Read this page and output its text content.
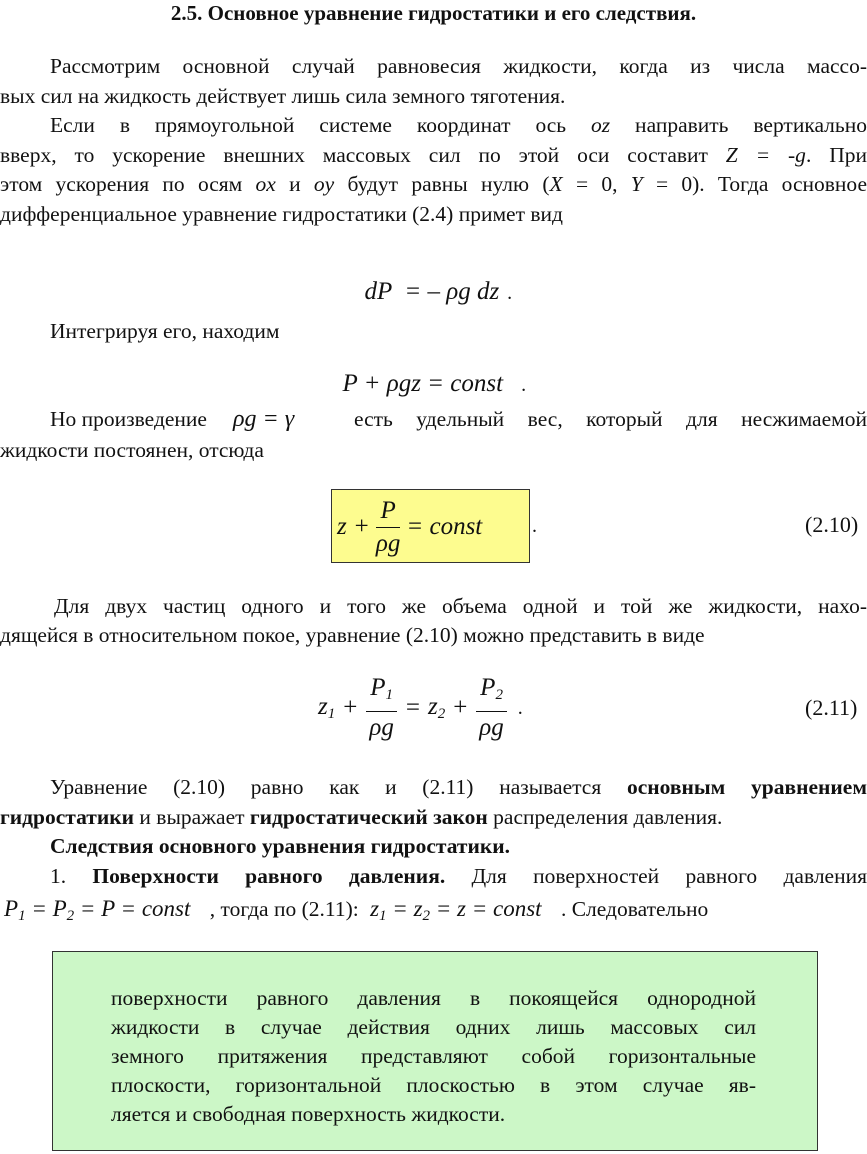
2.5. Основное уравнение гидростатики и его следствия.
Рассмотрим основной случай равновесия жидкости, когда из числа массо-
вых сил на жидкость действует лишь сила земного тяготения.
Если в прямоугольной системе координат ось oz направить вертикально
вверх, то ускорение внешних массовых сил по этой оси составит Z = -g. При
этом ускорения по осям ox и oy будут равны нулю (X = 0, Y = 0). Тогда основное
дифференциальное уравнение гидростатики (2.4) примет вид

dP  = – ρg dz .

Интегрируя его, находим

P + ρgz = const .

Но произведение ρg = γ	есть удельный вес, который для несжимаемой
жидкости постоянен, отсюда
$z + \frac{P}{\rho g}$ = const .	(2.10)
Для двух частиц одного и того же объема одной и той же жидкости, нахо-
дящейся в относительном покое, уравнение (2.10) можно представить в виде
$z_1 + \frac{P_1}{\rho g} = z_2 + \frac{P_2}{\rho g}$ .	(2.11)
Уравнение (2.10) равно как и (2.11) называется основным уравнением
гидростатики и выражает гидростатический закон распределения давления.
Следствия основного уравнения гидростатики.
1. Поверхности равного давления. Для поверхностей равного давления
$P_1 = P_2 = P$ = const , тогда по (2.11): $z_1 = z_2 = z$ = const . Следовательно
поверхности равного давления в покоящейся однородной
жидкости в случае действия одних лишь массовых сил
земного притяжения представляют собой горизонтальные
плоскости, горизонтальной плоскостью в этом случае яв-
ляется и свободная поверхность жидкости.
